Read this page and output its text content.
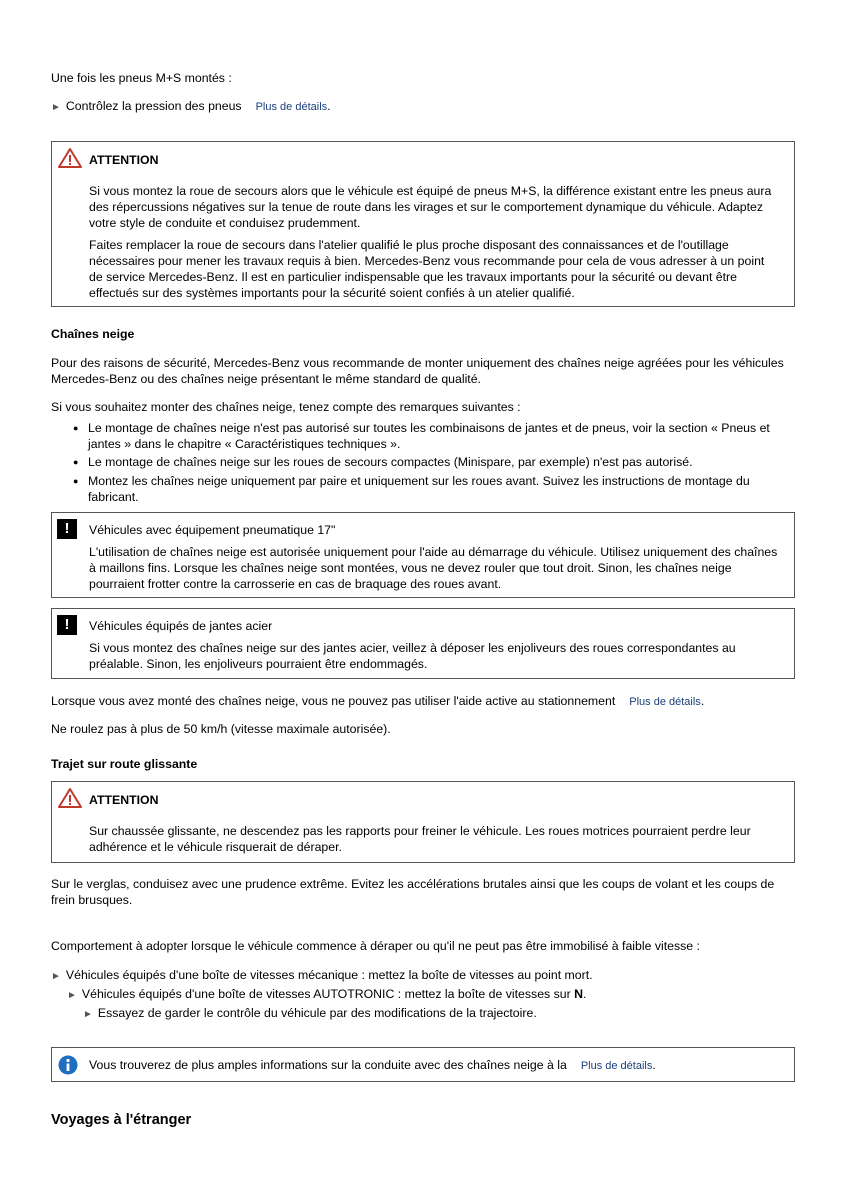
Une fois les pneus M+S montés :

► Contrôlez la pression des pneus Plus de détails.

ATTENTION

Si vous montez la roue de secours alors que le véhicule est équipé de pneus M+S, la différence existant entre les pneus aura des répercussions négatives sur la tenue de route dans les virages et sur le comportement dynamique du véhicule. Adaptez votre style de conduite et conduisez prudemment.

Faites remplacer la roue de secours dans l'atelier qualifié le plus proche disposant des connaissances et de l'outillage nécessaires pour mener les travaux requis à bien. Mercedes-Benz vous recommande pour cela de vous adresser à un point de service Mercedes-Benz. Il est en particulier indispensable que les travaux importants pour la sécurité ou devant être effectués sur des systèmes importants pour la sécurité soient confiés à un atelier qualifié.

Chaînes neige

Pour des raisons de sécurité, Mercedes-Benz vous recommande de monter uniquement des chaînes neige agréées pour les véhicules Mercedes-Benz ou des chaînes neige présentant le même standard de qualité.

Si vous souhaitez monter des chaînes neige, tenez compte des remarques suivantes :

● Le montage de chaînes neige n'est pas autorisé sur toutes les combinaisons de jantes et de pneus, voir la section « Pneus et jantes » dans le chapitre « Caractéristiques techniques ».

● Le montage de chaînes neige sur les roues de secours compactes (Minispare, par exemple) n'est pas autorisé.

● Montez les chaînes neige uniquement par paire et uniquement sur les roues avant. Suivez les instructions de montage du fabricant.

!	Véhicules avec équipement pneumatique 17"

L'utilisation de chaînes neige est autorisée uniquement pour l'aide au démarrage du véhicule. Utilisez uniquement des chaînes à maillons fins. Lorsque les chaînes neige sont montées, vous ne devez rouler que tout droit. Sinon, les chaînes neige pourraient frotter contre la carrosserie en cas de braquage des roues avant.

!	Véhicules équipés de jantes acier

Si vous montez des chaînes neige sur des jantes acier, veillez à déposer les enjoliveurs des roues correspondantes au préalable. Sinon, les enjoliveurs pourraient être endommagés.

Lorsque vous avez monté des chaînes neige, vous ne pouvez pas utiliser l'aide active au stationnement Plus de détails.

Ne roulez pas à plus de 50 km/h (vitesse maximale autorisée).

Trajet sur route glissante

ATTENTION

Sur chaussée glissante, ne descendez pas les rapports pour freiner le véhicule. Les roues motrices pourraient perdre leur adhérence et le véhicule risquerait de déraper.

Sur le verglas, conduisez avec une prudence extrême. Evitez les accélérations brutales ainsi que les coups de volant et les coups de frein brusques.

Comportement à adopter lorsque le véhicule commence à déraper ou qu'il ne peut pas être immobilisé à faible vitesse :

► Véhicules équipés d'une boîte de vitesses mécanique : mettez la boîte de vitesses au point mort.

► Véhicules équipés d'une boîte de vitesses AUTOTRONIC : mettez la boîte de vitesses sur N.

► Essayez de garder le contrôle du véhicule par des modifications de la trajectoire.

Vous trouverez de plus amples informations sur la conduite avec des chaînes neige à la Plus de détails.

Voyages à l'étranger
